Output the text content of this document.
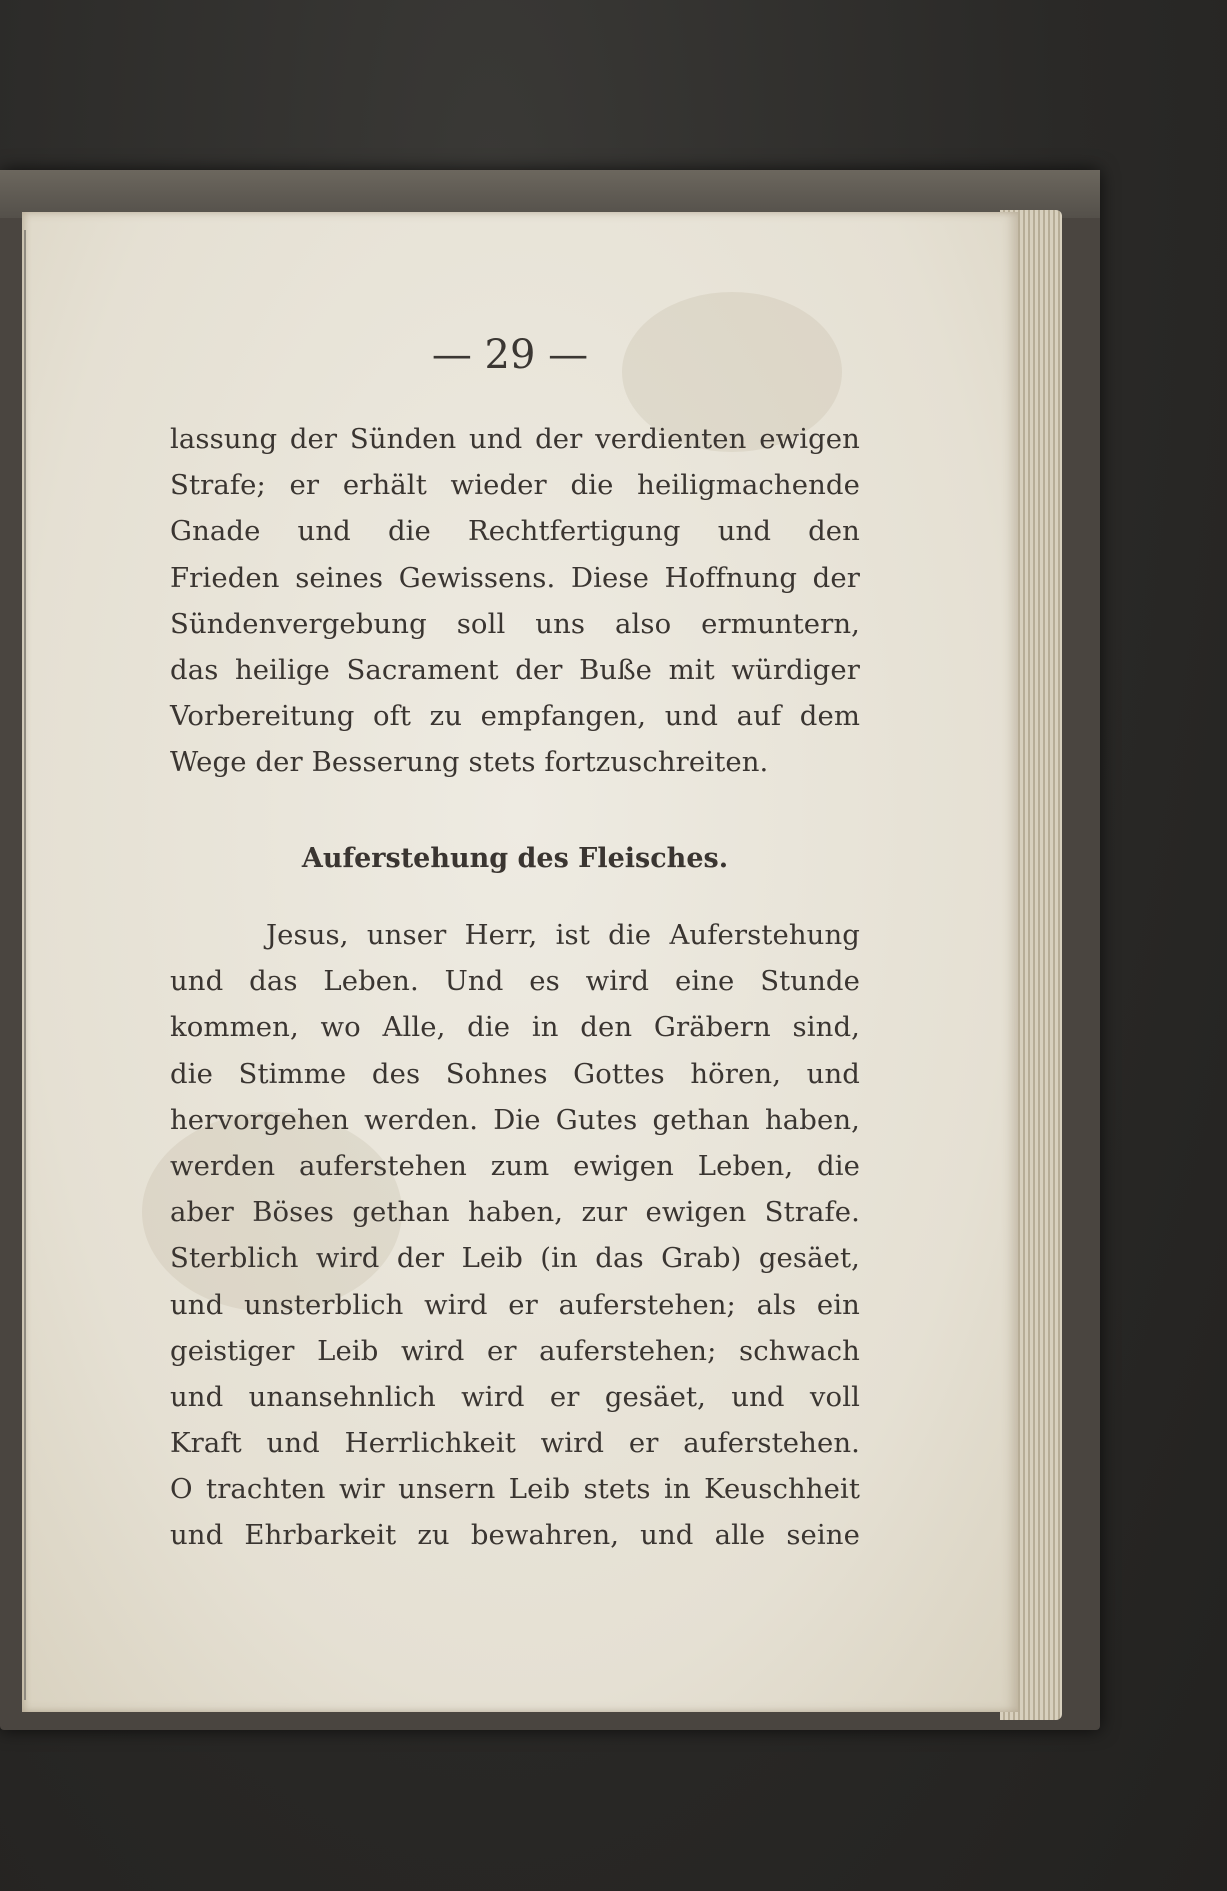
— 29 —
lassung der Sünden und der verdienten ewigen
Strafe; er erhält wieder die heiligmachende
Gnade und die Rechtfertigung und den
Frieden seines Gewissens. Diese Hoffnung der
Sündenvergebung soll uns also ermuntern,
das heilige Sacrament der Buße mit würdiger
Vorbereitung oft zu empfangen, und auf dem
Wege der Besserung stets fortzuschreiten.
Auferstehung des Fleisches.
Jesus, unser Herr, ist die Auferstehung
und das Leben. Und es wird eine Stunde
kommen, wo Alle, die in den Gräbern sind,
die Stimme des Sohnes Gottes hören, und
hervorgehen werden. Die Gutes gethan haben,
werden auferstehen zum ewigen Leben, die
aber Böses gethan haben, zur ewigen Strafe.
Sterblich wird der Leib (in das Grab) gesäet,
und unsterblich wird er auferstehen; als ein
geistiger Leib wird er auferstehen; schwach
und unansehnlich wird er gesäet, und voll
Kraft und Herrlichkeit wird er auferstehen.
O trachten wir unsern Leib stets in Keuschheit
und Ehrbarkeit zu bewahren, und alle seine
